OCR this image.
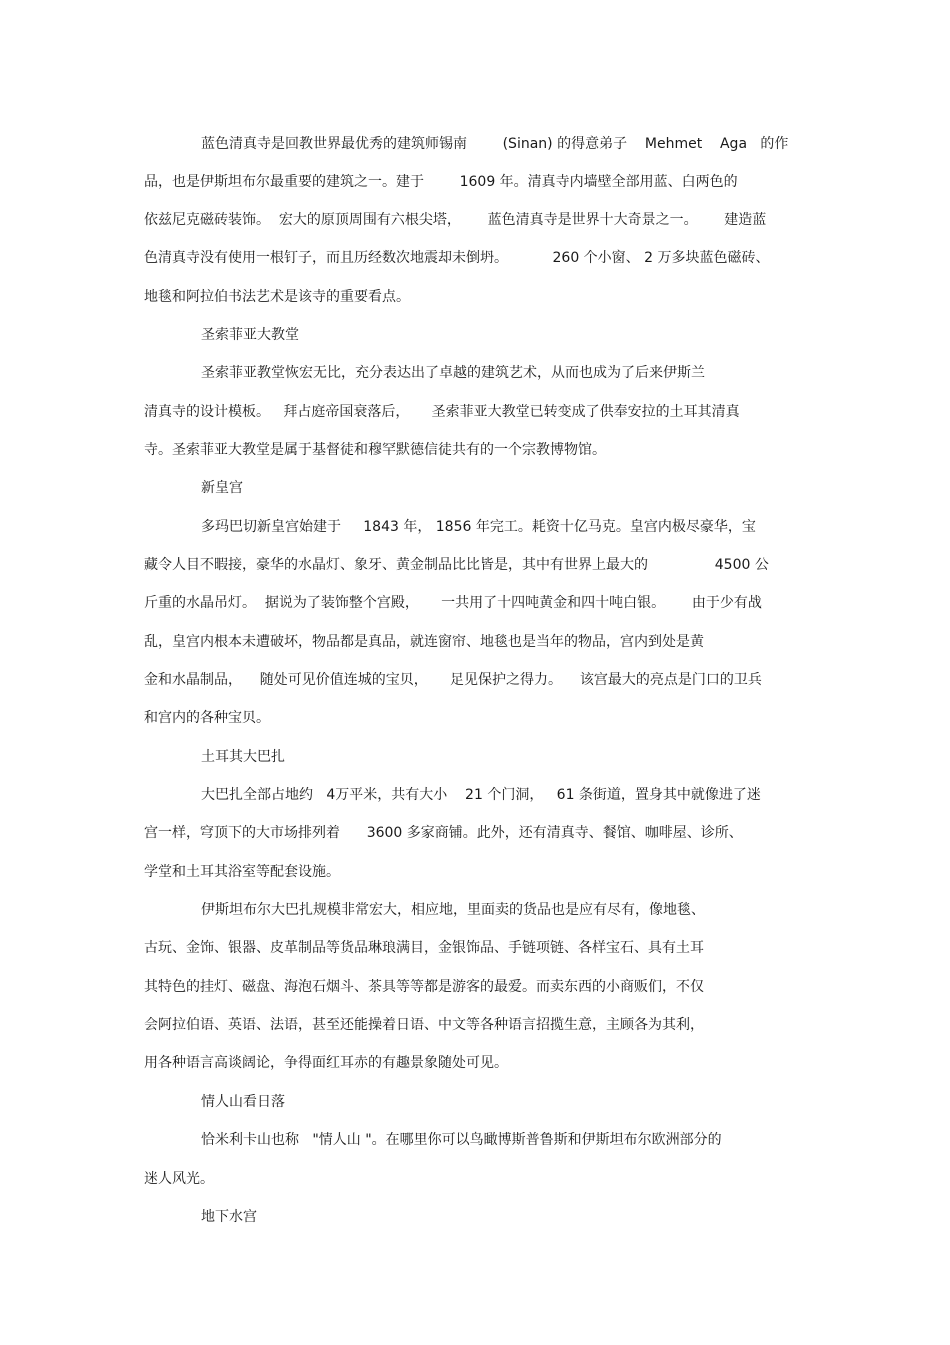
蓝色清真寺是回教世界最优秀的建筑师锡南        (Sinan) 的得意弟子    Mehmet    Aga   的作
品，也是伊斯坦布尔最重要的建筑之一。建于        1609 年。清真寺内墙壁全部用蓝、白两色的
依兹尼克磁砖装饰。  宏大的原顶周围有六根尖塔，      蓝色清真寺是世界十大奇景之一。      建造蓝
色清真寺没有使用一根钉子，而且历经数次地震却未倒坍。          260 个小窗、 2 万多块蓝色磁砖、
地毯和阿拉伯书法艺术是该寺的重要看点。
圣索菲亚大教堂
圣索菲亚教堂恢宏无比，充分表达出了卓越的建筑艺术，从而也成为了后来伊斯兰
清真寺的设计模板。   拜占庭帝国衰落后，     圣索菲亚大教堂已转变成了供奉安拉的土耳其清真
寺。圣索菲亚大教堂是属于基督徒和穆罕默德信徒共有的一个宗教博物馆。
新皇宫
多玛巴切新皇宫始建于     1843 年， 1856 年完工。耗资十亿马克。皇宫内极尽豪华，宝
藏令人目不暇接，豪华的水晶灯、象牙、黄金制品比比皆是，其中有世界上最大的               4500 公
斤重的水晶吊灯。  据说为了装饰整个宫殿，     一共用了十四吨黄金和四十吨白银。      由于少有战
乱，皇宫内根本未遭破坏，物品都是真品，就连窗帘、地毯也是当年的物品，宫内到处是黄
金和水晶制品，    随处可见价值连城的宝贝，     足见保护之得力。    该宫最大的亮点是门口的卫兵
和宫内的各种宝贝。
土耳其大巴扎
大巴扎全部占地约   4万平米，共有大小    21 个门洞，   61 条街道，置身其中就像进了迷
宫一样，穹顶下的大市场排列着      3600 多家商铺。此外，还有清真寺、餐馆、咖啡屋、诊所、
学堂和土耳其浴室等配套设施。
伊斯坦布尔大巴扎规模非常宏大，相应地，里面卖的货品也是应有尽有，像地毯、
古玩、金饰、银器、皮革制品等货品琳琅满目，金银饰品、手链项链、各样宝石、具有土耳
其特色的挂灯、磁盘、海泡石烟斗、茶具等等都是游客的最爱。而卖东西的小商贩们，不仅
会阿拉伯语、英语、法语，甚至还能操着日语、中文等各种语言招揽生意，主顾各为其利，
用各种语言高谈阔论，争得面红耳赤的有趣景象随处可见。
情人山看日落
恰米利卡山也称   "情人山 "。在哪里你可以鸟瞰博斯普鲁斯和伊斯坦布尔欧洲部分的
迷人风光。
地下水宫
